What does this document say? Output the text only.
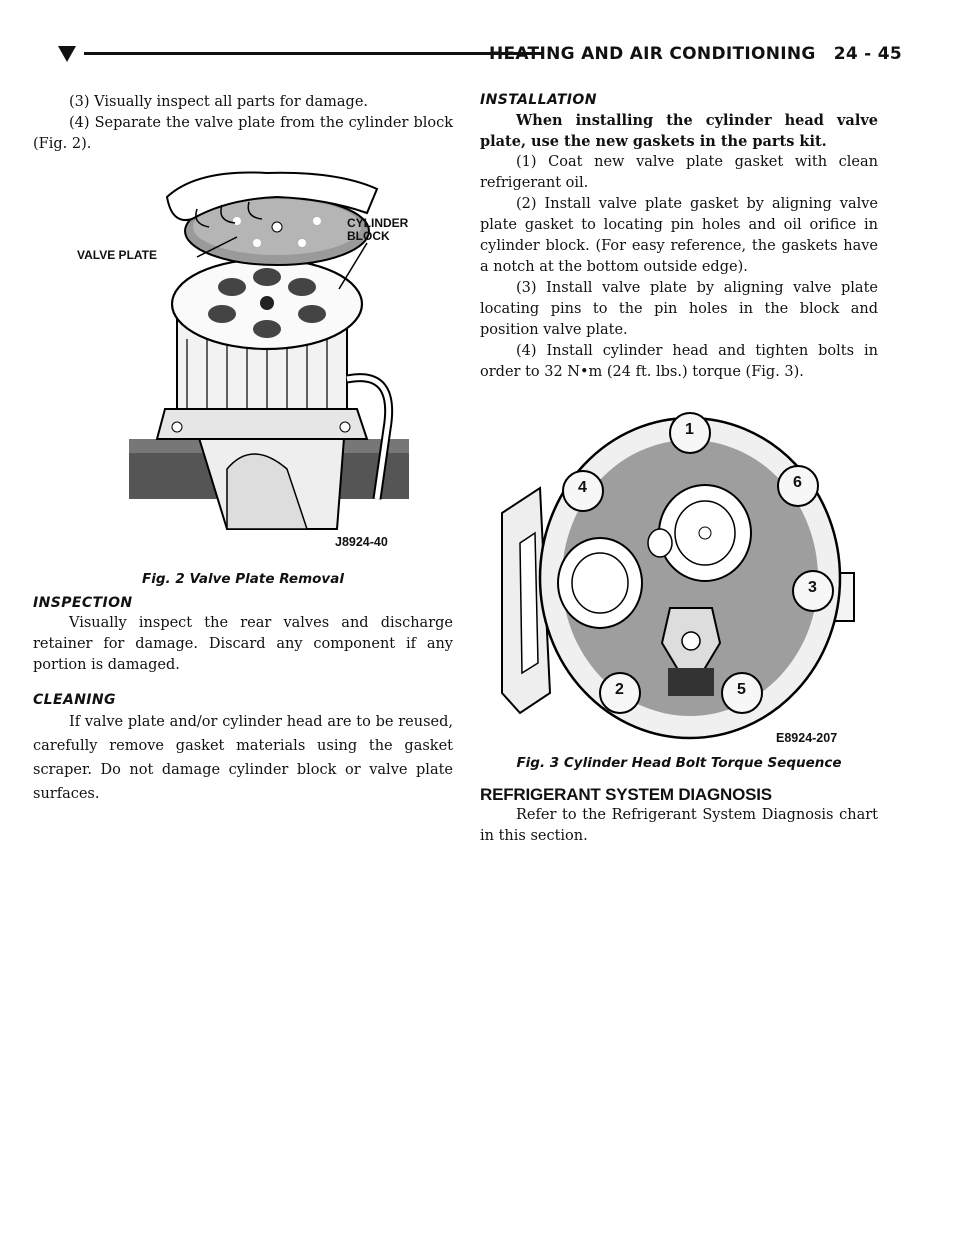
HEATING AND AIR CONDITIONING 24 - 45

(3) Visually inspect all parts for damage.

(4) Separate the valve plate from the cylinder block (Fig. 2).

VALVE PLATE
CYLINDER BLOCK
J8924-40
Fig. 2 Valve Plate Removal
INSPECTION

Visually inspect the rear valves and discharge retainer for damage. Discard any component if any portion is damaged.

CLEANING

If valve plate and/or cylinder head are to be reused, carefully remove gasket materials using the gasket scraper. Do not damage cylinder block or valve plate surfaces.

INSTALLATION

When installing the cylinder head valve plate, use the new gaskets in the parts kit.

(1) Coat new valve plate gasket with clean refrigerant oil.

(2) Install valve plate gasket by aligning valve plate gasket to locating pin holes and oil orifice in cylinder block. (For easy reference, the gaskets have a notch at the bottom outside edge).

(3) Install valve plate by aligning valve plate locating pins to the pin holes in the block and position valve plate.

(4) Install cylinder head and tighten bolts in order to 32 N•m (24 ft. lbs.) torque (Fig. 3).

1
2
3
4
5
6
E8924-207
Fig. 3 Cylinder Head Bolt Torque Sequence
REFRIGERANT SYSTEM DIAGNOSIS

Refer to the Refrigerant System Diagnosis chart in this section.
